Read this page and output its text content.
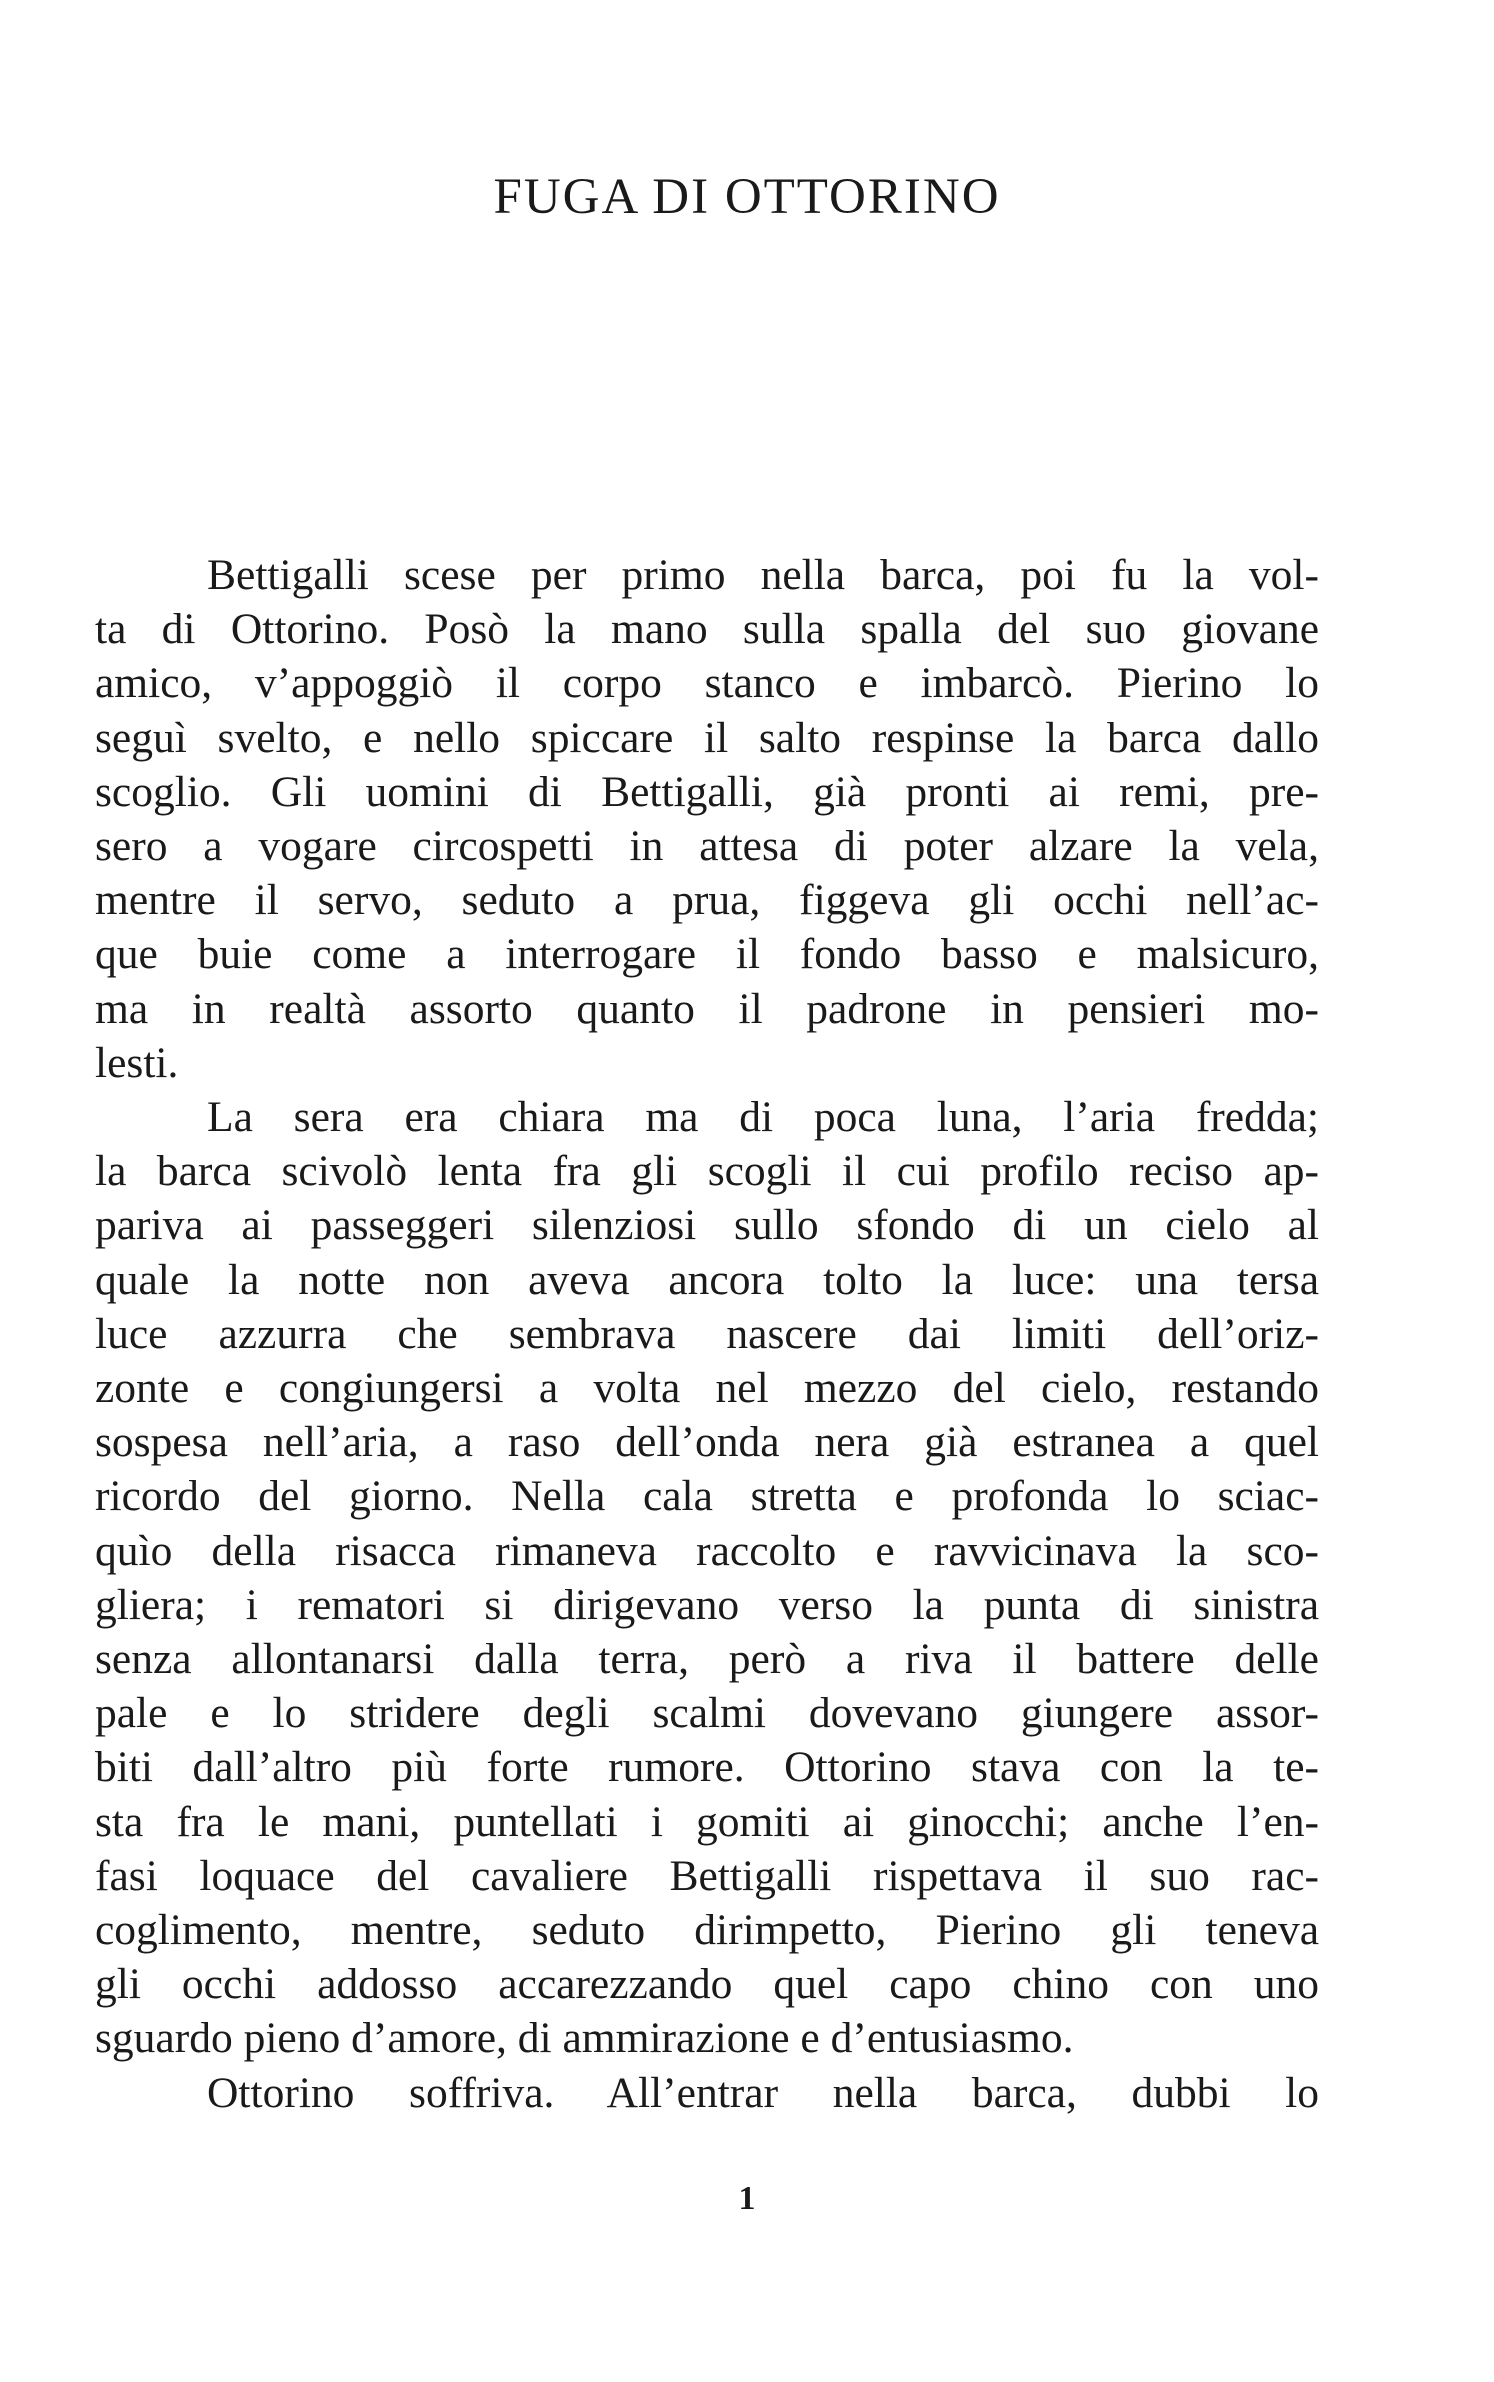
FUGA DI OTTORINO
Bettigalli scese per primo nella barca, poi fu la vol-
ta di Ottorino. Posò la mano sulla spalla del suo giovane
amico, v’appoggiò il corpo stanco e imbarcò. Pierino lo
seguì svelto, e nello spiccare il salto respinse la barca dallo
scoglio. Gli uomini di Bettigalli, già pronti ai remi, pre-
sero a vogare circospetti in attesa di poter alzare la vela,
mentre il servo, seduto a prua, figgeva gli occhi nell’ac-
que buie come a interrogare il fondo basso e malsicuro,
ma in realtà assorto quanto il padrone in pensieri mo-
lesti.
La sera era chiara ma di poca luna, l’aria fredda;
la barca scivolò lenta fra gli scogli il cui profilo reciso ap-
pariva ai passeggeri silenziosi sullo sfondo di un cielo al
quale la notte non aveva ancora tolto la luce: una tersa
luce azzurra che sembrava nascere dai limiti dell’oriz-
zonte e congiungersi a volta nel mezzo del cielo, restando
sospesa nell’aria, a raso dell’onda nera già estranea a quel
ricordo del giorno. Nella cala stretta e profonda lo sciac-
quìo della risacca rimaneva raccolto e ravvicinava la sco-
gliera; i rematori si dirigevano verso la punta di sinistra
senza allontanarsi dalla terra, però a riva il battere delle
pale e lo stridere degli scalmi dovevano giungere assor-
biti dall’altro più forte rumore. Ottorino stava con la te-
sta fra le mani, puntellati i gomiti ai ginocchi; anche l’en-
fasi loquace del cavaliere Bettigalli rispettava il suo rac-
coglimento, mentre, seduto dirimpetto, Pierino gli teneva
gli occhi addosso accarezzando quel capo chino con uno
sguardo pieno d’amore, di ammirazione e d’entusiasmo.
Ottorino soffriva. All’entrar nella barca, dubbi lo
1
